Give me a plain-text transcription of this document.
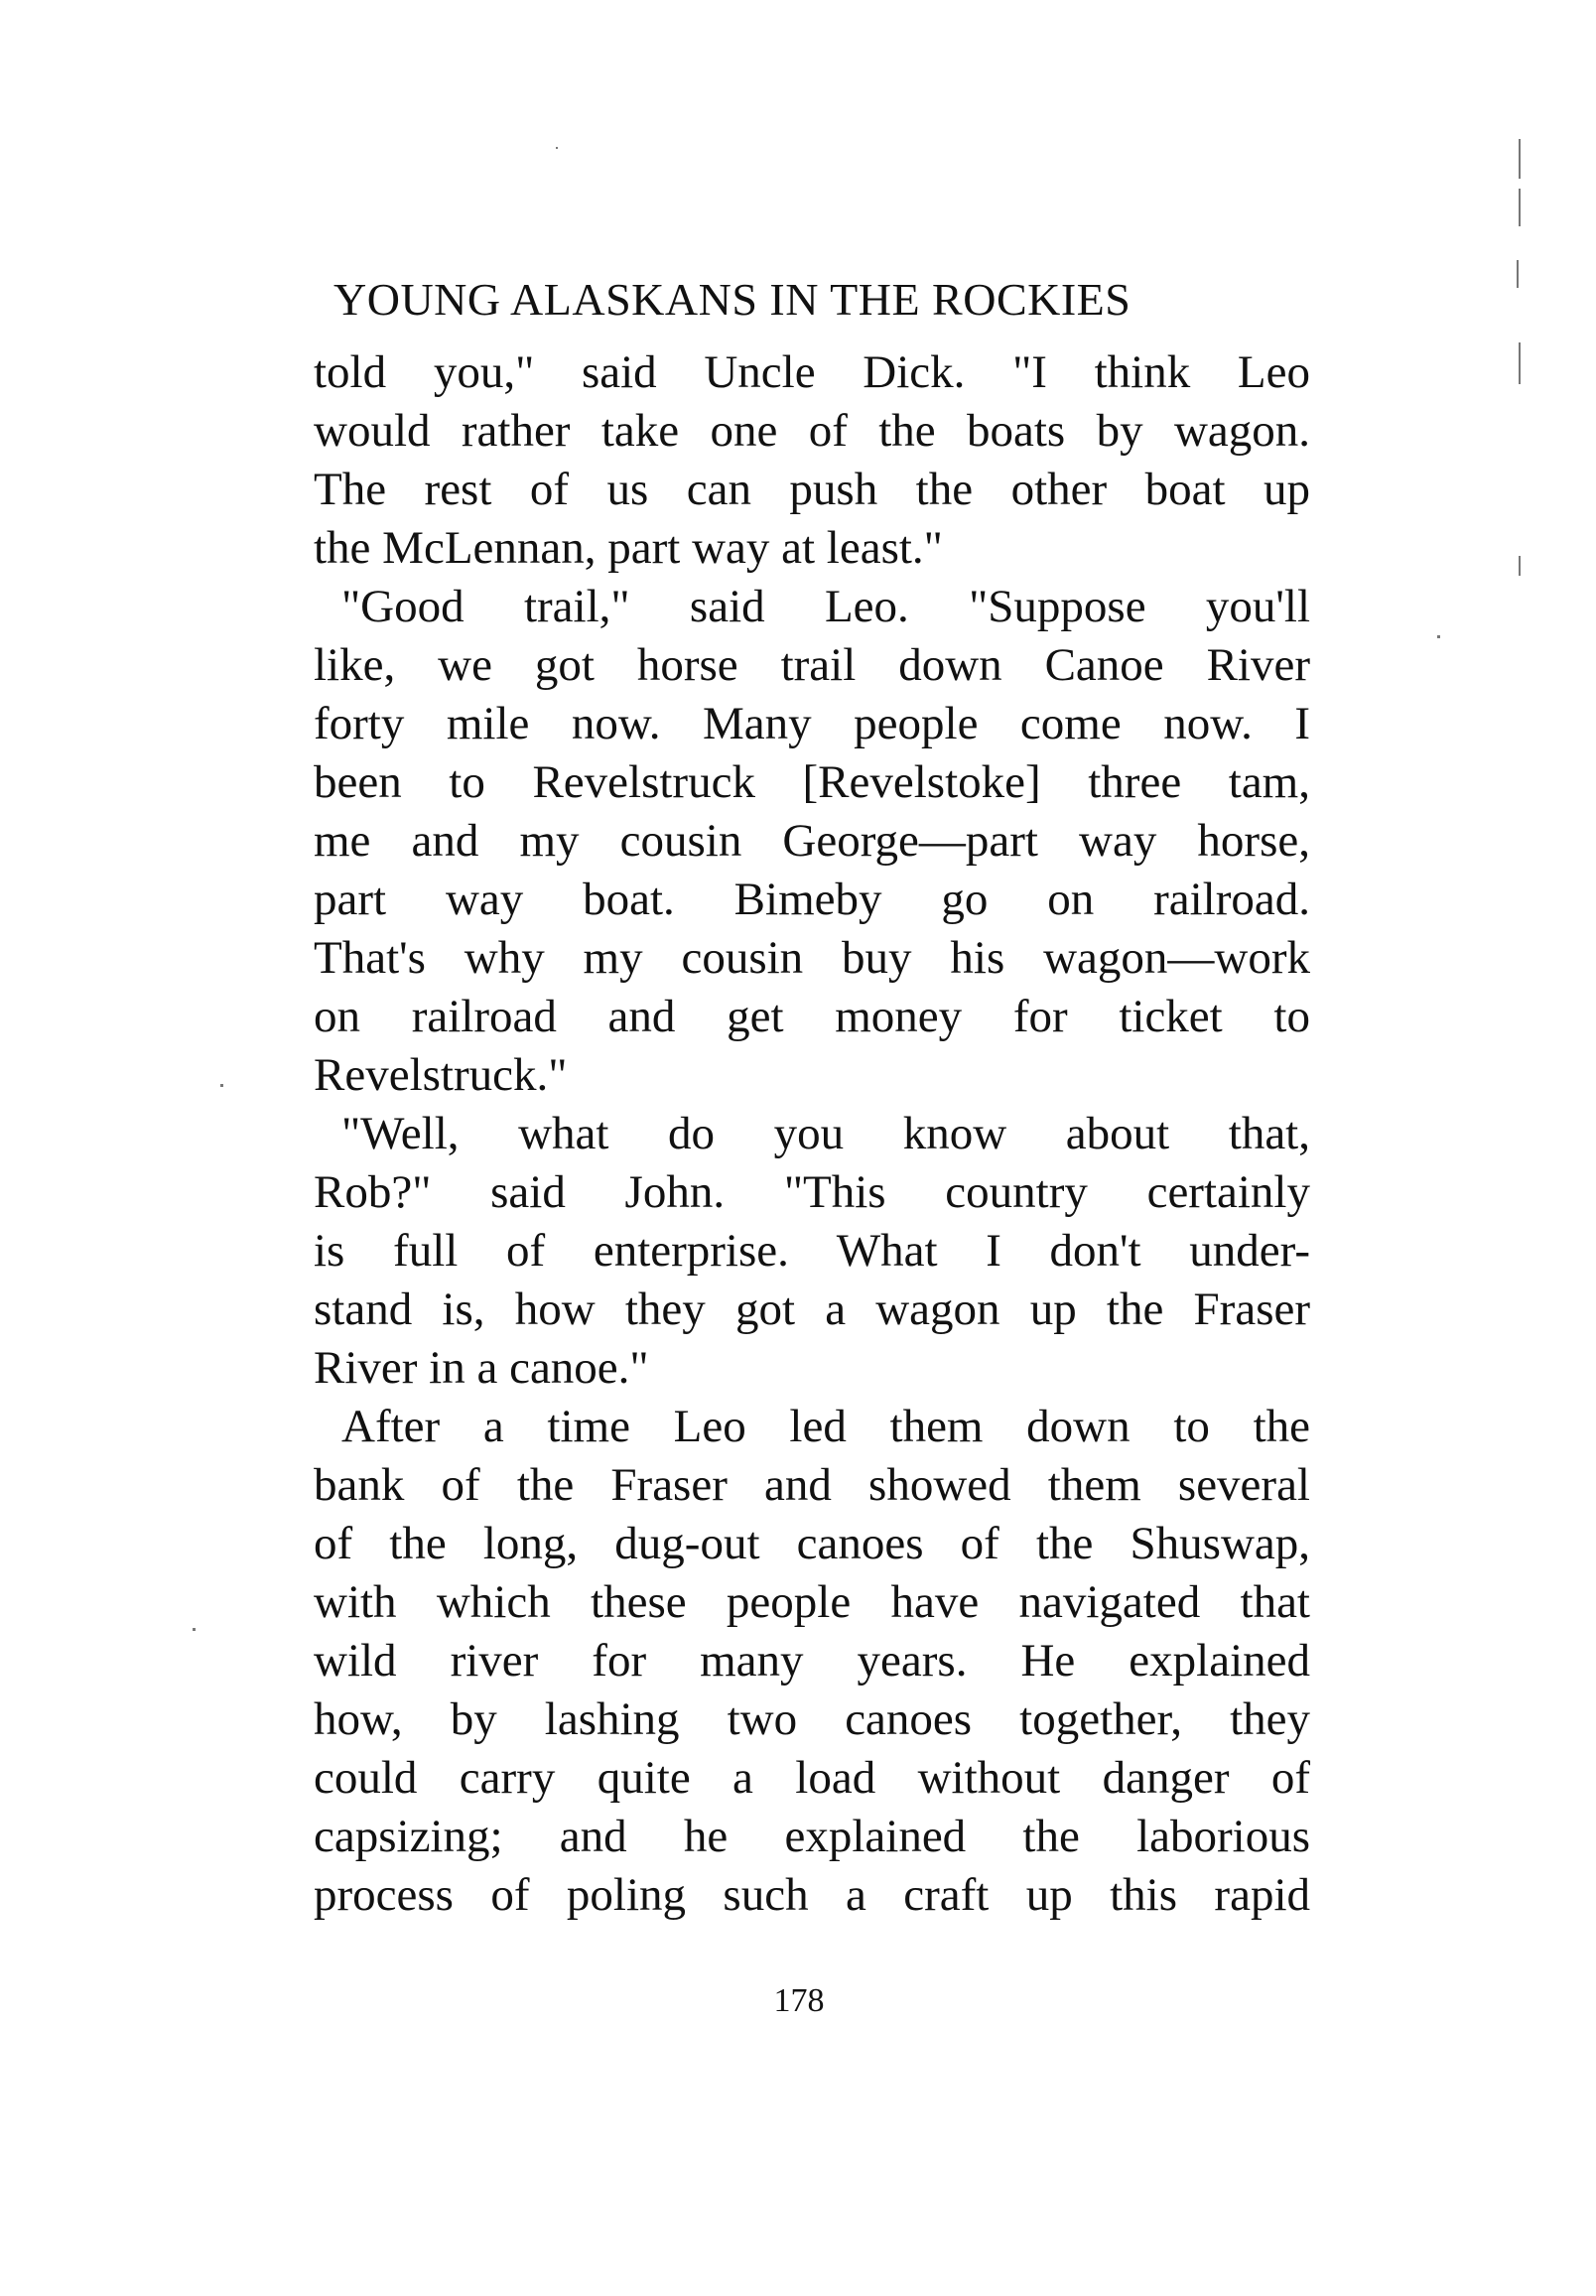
YOUNG ALASKANS IN THE ROCKIES
told you," said Uncle Dick. "I think Leo
would rather take one of the boats by wagon.
The rest of us can push the other boat up
the McLennan, part way at least."
"Good trail," said Leo. "Suppose you'll
like, we got horse trail down Canoe River
forty mile now. Many people come now. I
been to Revelstruck [Revelstoke] three tam,
me and my cousin George—part way horse,
part way boat. Bimeby go on railroad.
That's why my cousin buy his wagon—work
on railroad and get money for ticket to
Revelstruck."
"Well, what do you know about that,
Rob?" said John. "This country certainly
is full of enterprise. What I don't under-
stand is, how they got a wagon up the Fraser
River in a canoe."
After a time Leo led them down to the
bank of the Fraser and showed them several
of the long, dug-out canoes of the Shuswap,
with which these people have navigated that
wild river for many years. He explained
how, by lashing two canoes together, they
could carry quite a load without danger of
capsizing; and he explained the laborious
process of poling such a craft up this rapid
178
